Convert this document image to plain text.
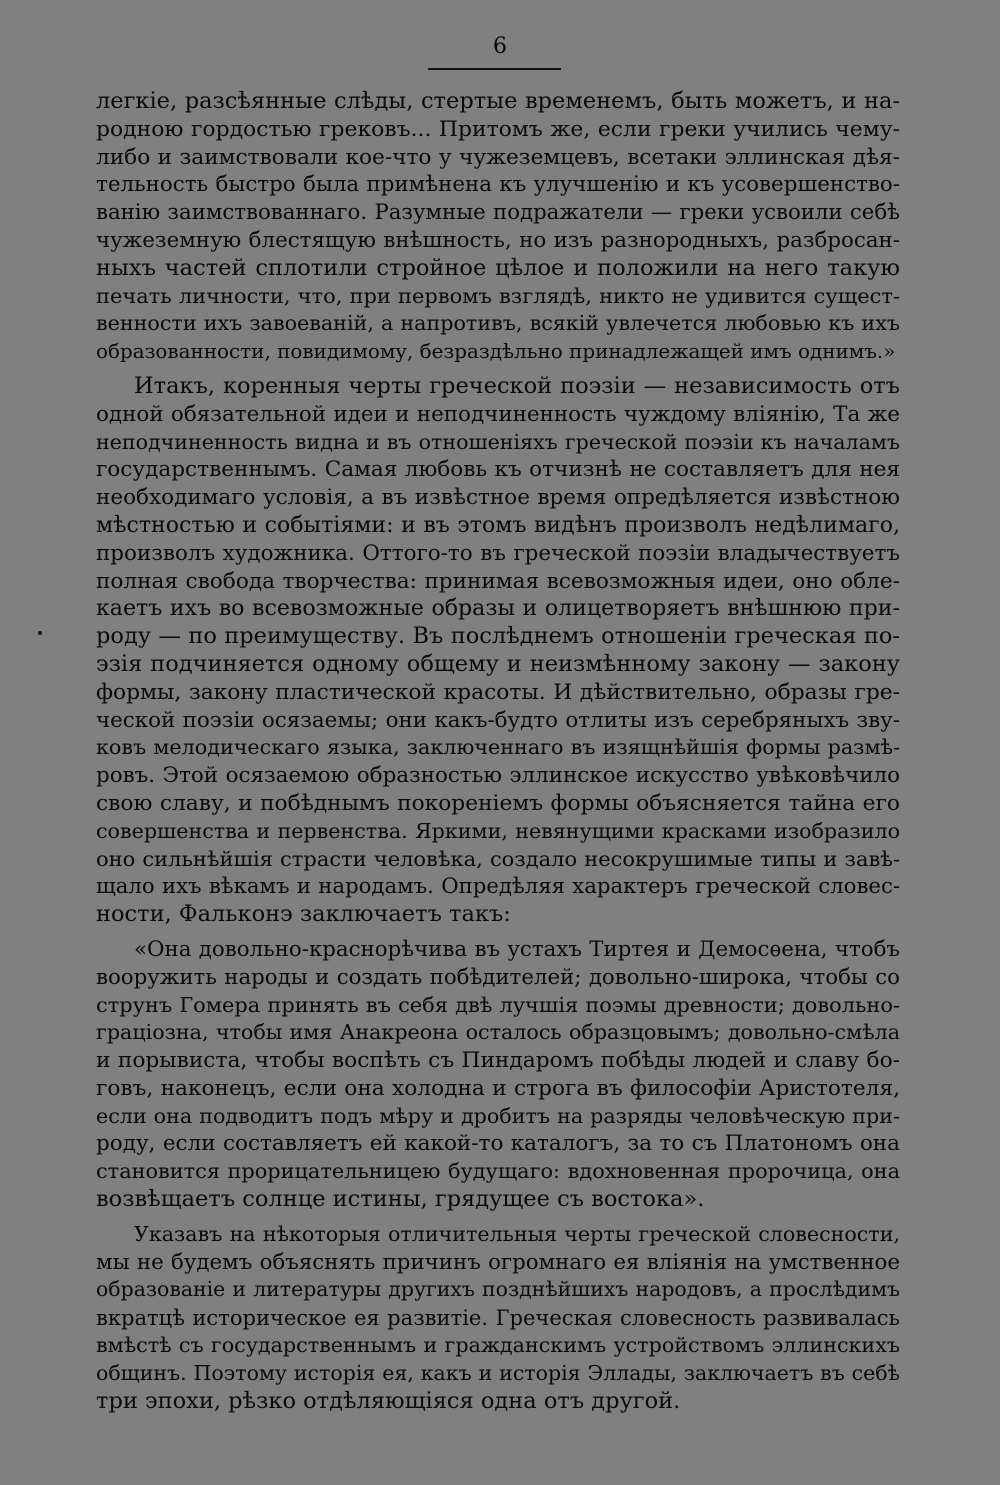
6
легкіе, разсѣянные слѣды, стертые временемъ, быть можетъ, и на-
родною гордостью грековъ... Притомъ же, если греки учились чему-
либо и заимствовали кое-что у чужеземцевъ, всетаки эллинская дѣя-
тельность быстро была примѣнена къ улучшенію и къ усовершенство-
ванію заимствованнаго. Разумные подражатели — греки усвоили себѣ
чужеземную блестящую внѣшность, но изъ разнородныхъ, разбросан-
ныхъ частей сплотили стройное цѣлое и положили на него такую
печать личности, что, при первомъ взглядѣ, никто не удивится сущест-
венности ихъ завоеваній, а напротивъ, всякій увлечется любовью къ ихъ
образованности, повидимому, безраздѣльно принадлежащей имъ однимъ.»
Итакъ, коренныя черты греческой поэзіи — независимость отъ
одной обязательной идеи и неподчиненность чуждому вліянію, Та же
неподчиненность видна и въ отношеніяхъ греческой поэзіи къ началамъ
государственнымъ. Самая любовь къ отчизнѣ не составляетъ для нея
необходимаго условія, а въ извѣстное время опредѣляется извѣстною
мѣстностью и событіями: и въ этомъ видѣнъ произволъ недѣлимаго,
произволъ художника. Оттого-то въ греческой поэзіи владычествуетъ
полная свобода творчества: принимая всевозможныя идеи, оно обле-
каетъ ихъ во всевозможные образы и олицетворяетъ внѣшнюю при-
роду — по преимуществу. Въ послѣднемъ отношеніи греческая по-
эзія подчиняется одному общему и неизмѣнному закону — закону
формы, закону пластической красоты. И дѣйствительно, образы гре-
ческой поэзіи осязаемы; они какъ-будто отлиты изъ серебряныхъ зву-
ковъ мелодическаго языка, заключеннаго въ изящнѣйшія формы размѣ-
ровъ. Этой осязаемою образностью эллинское искусство увѣковѣчило
свою славу, и побѣднымъ покореніемъ формы объясняется тайна его
совершенства и первенства. Яркими, невянущими красками изобразило
оно сильнѣйшія страсти человѣка, создало несокрушимые типы и завѣ-
щало ихъ вѣкамъ и народамъ. Опредѣляя характеръ греческой словес-
ности, Фальконэ заключаетъ такъ:
«Она довольно-краснорѣчива въ устахъ Тиртея и Демосѳена, чтобъ
вооружить народы и создать побѣдителей; довольно-широка, чтобы со
струнъ Гомера принять въ себя двѣ лучшія поэмы древности; довольно-
граціозна, чтобы имя Анакреона осталось образцовымъ; довольно-смѣла
и порывиста, чтобы воспѣть съ Пиндаромъ побѣды людей и славу бо-
говъ, наконецъ, если она холодна и строга въ философіи Аристотеля,
если она подводитъ подъ мѣру и дробитъ на разряды человѣческую при-
роду, если составляетъ ей какой-то каталогъ, за то съ Платономъ она
становится прорицательницею будущаго: вдохновенная пророчица, она
возвѣщаетъ солнце истины, грядущее съ востока».
Указавъ на нѣкоторыя отличительныя черты греческой словесности,
мы не будемъ объяснять причинъ огромнаго ея вліянія на умственное
образованіе и литературы другихъ позднѣйшихъ народовъ, а прослѣдимъ
вкратцѣ историческое ея развитіе. Греческая словесность развивалась
вмѣстѣ съ государственнымъ и гражданскимъ устройствомъ эллинскихъ
общинъ. Поэтому исторія ея, какъ и исторія Эллады, заключаетъ въ себѣ
три эпохи, рѣзко отдѣляющіяся одна отъ другой.
